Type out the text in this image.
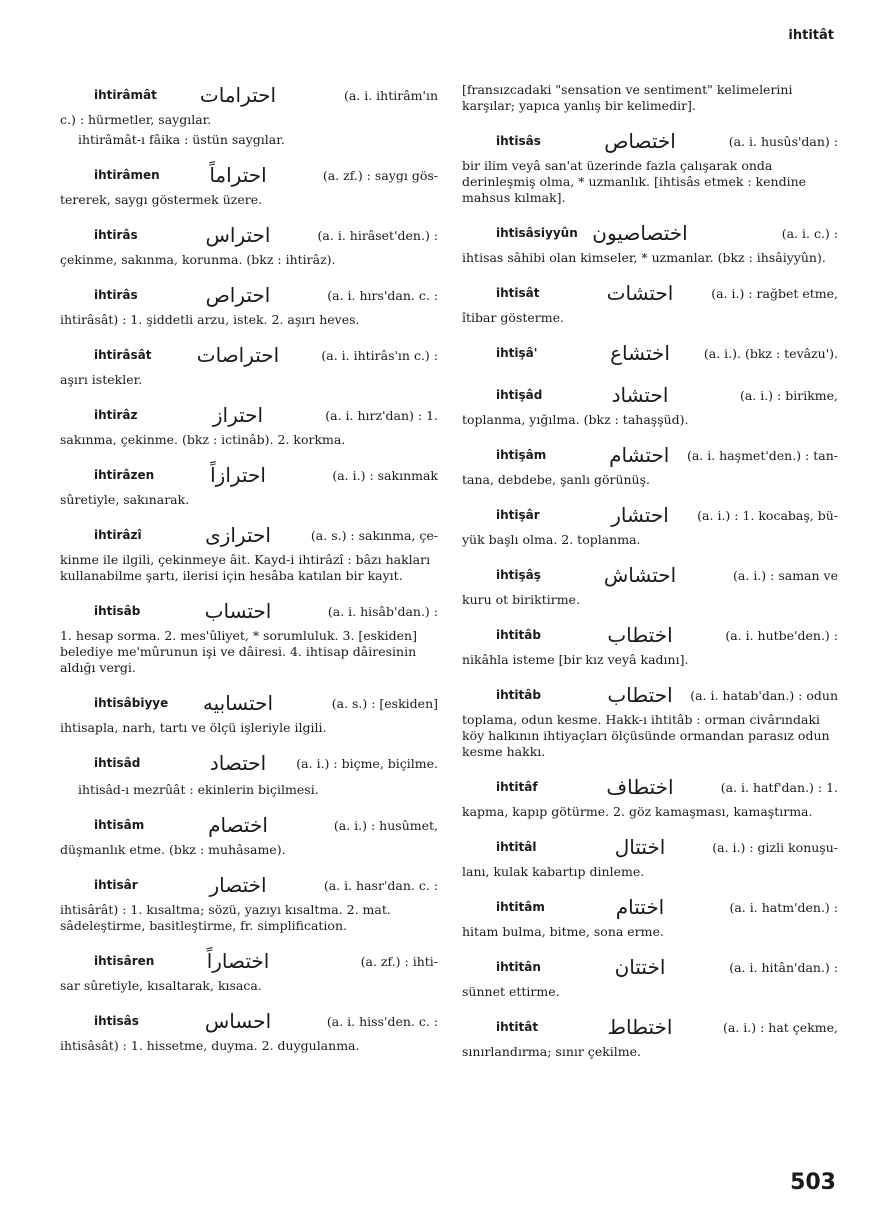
ihtitât
ihtirâmât	احترامات	(a. i. ihtirâm'ın
c.) : hürmetler, saygılar.
ihtirâmât-ı fâika : üstün saygılar.
ihtirâmen	احتراماً	(a. zf.) : saygı gös-
tererek, saygı göstermek üzere.
ihtirâs	احتراس	(a. i. hirâset'den.) :
çekinme, sakınma, korunma. (bkz : ihtirâz).
ihtirâs	احتراص	(a. i. hırs'dan. c. :
ihtirâsât) : 1. şiddetli arzu, istek. 2. aşırı heves.
ihtirâsât	احتراصات	(a. i. ihtirâs'ın c.) :
aşırı istekler.
ihtirâz	احتراز	(a. i. hırz'dan) : 1.
sakınma, çekinme. (bkz : ictinâb). 2. korkma.
ihtirâzen	احترازاً	(a. i.) : sakınmak
sûretiyle, sakınarak.
ihtirâzî	احترازی	(a. s.) : sakınma, çe-
kinme ile ilgili, çekinmeye âit. Kayd-i ihtirâzî : bâzı hakları kullanabilme şartı, ilerisi için hesâba katılan bir kayıt.
ihtisâb	احتساب	(a. i. hisâb'dan.) :
1. hesap sorma. 2. mes'ûliyet, * sorumluluk. 3. [eskiden] belediye me'mûrunun işi ve dâiresi. 4. ihtisap dâiresinin aldığı vergi.
ihtisâbiyye	احتسابیه	(a. s.) : [eskiden]
ihtisapla, narh, tartı ve ölçü işleriyle ilgili.
ihtisâd	احتصاد	(a. i.) : biçme, biçilme.
ihtisâd-ı mezrûât : ekinlerin biçilmesi.
ihtisâm	اختصام	(a. i.) : husûmet,
düşmanlık etme. (bkz : muhâsame).
ihtisâr	اختصار	(a. i. hasr'dan. c. :
ihtisârât) : 1. kısaltma; sözü, yazıyı kısaltma. 2. mat. sâdeleştirme, basitleştirme, fr. simplification.
ihtisâren	اختصاراً	(a. zf.) : ihti-
sar sûretiyle, kısaltarak, kısaca.
ihtisâs	احساس	(a. i. hiss'den. c. :
ihtisâsât) : 1. hissetme, duyma. 2. duygulanma.
[fransızcadaki "sensation ve sentiment" kelimelerini karşılar; yapıca yanlış bir kelimedir].
ihtisâs	اختصاص	(a. i. husûs'dan) :
bir ilim veyâ san'at üzerinde fazla çalışarak onda derinleşmiş olma, * uzmanlık. [ihtisâs etmek : kendine mahsus kılmak].
ihtisâsiyyûn اختصاصیون	(a. i. c.) :
ihtisas sâhibi olan kimseler, * uzmanlar. (bkz : ihsâiyyûn).
ihtisât	احتشات	(a. i.) : rağbet etme,
îtibar gösterme.
ihtişâ'	اختشاع	(a. i.). (bkz : tevâzu').
ihtişâd	احتشاد	(a. i.) : birikme,
toplanma, yığılma. (bkz : tahaşşüd).
ihtişâm	احتشام	(a. i. haşmet'den.) : tan-
tana, debdebe, şanlı görünüş.
ihtişâr	احتشار	(a. i.) : 1. kocabaş, bü-
yük başlı olma. 2. toplanma.
ihtişâş	احتشاش	(a. i.) : saman ve
kuru ot biriktirme.
ihtitâb	اختطاب	(a. i. hutbe'den.) :
nikâhla isteme [bir kız veyâ kadını].
ihtitâb	احتطاب	(a. i. hatab'dan.) : odun
toplama, odun kesme. Hakk-ı ihtitâb : orman civârındaki köy halkının ihtiyaçları ölçüsünde ormandan parasız odun kesme hakkı.
ihtitâf	اختطاف	(a. i. hatf'dan.) : 1.
kapma, kapıp götürme. 2. göz kamaşması, kamaştırma.
ihtitâl	اختتال	(a. i.) : gizli konuşu-
lanı, kulak kabartıp dinleme.
ihtitâm	اختتام	(a. i. hatm'den.) :
hitam bulma, bitme, sona erme.
ihtitân	اختتان	(a. i. hitân'dan.) :
sünnet ettirme.
ihtitât	اختطاط	(a. i.) : hat çekme,
sınırlandırma; sınır çekilme.
503
